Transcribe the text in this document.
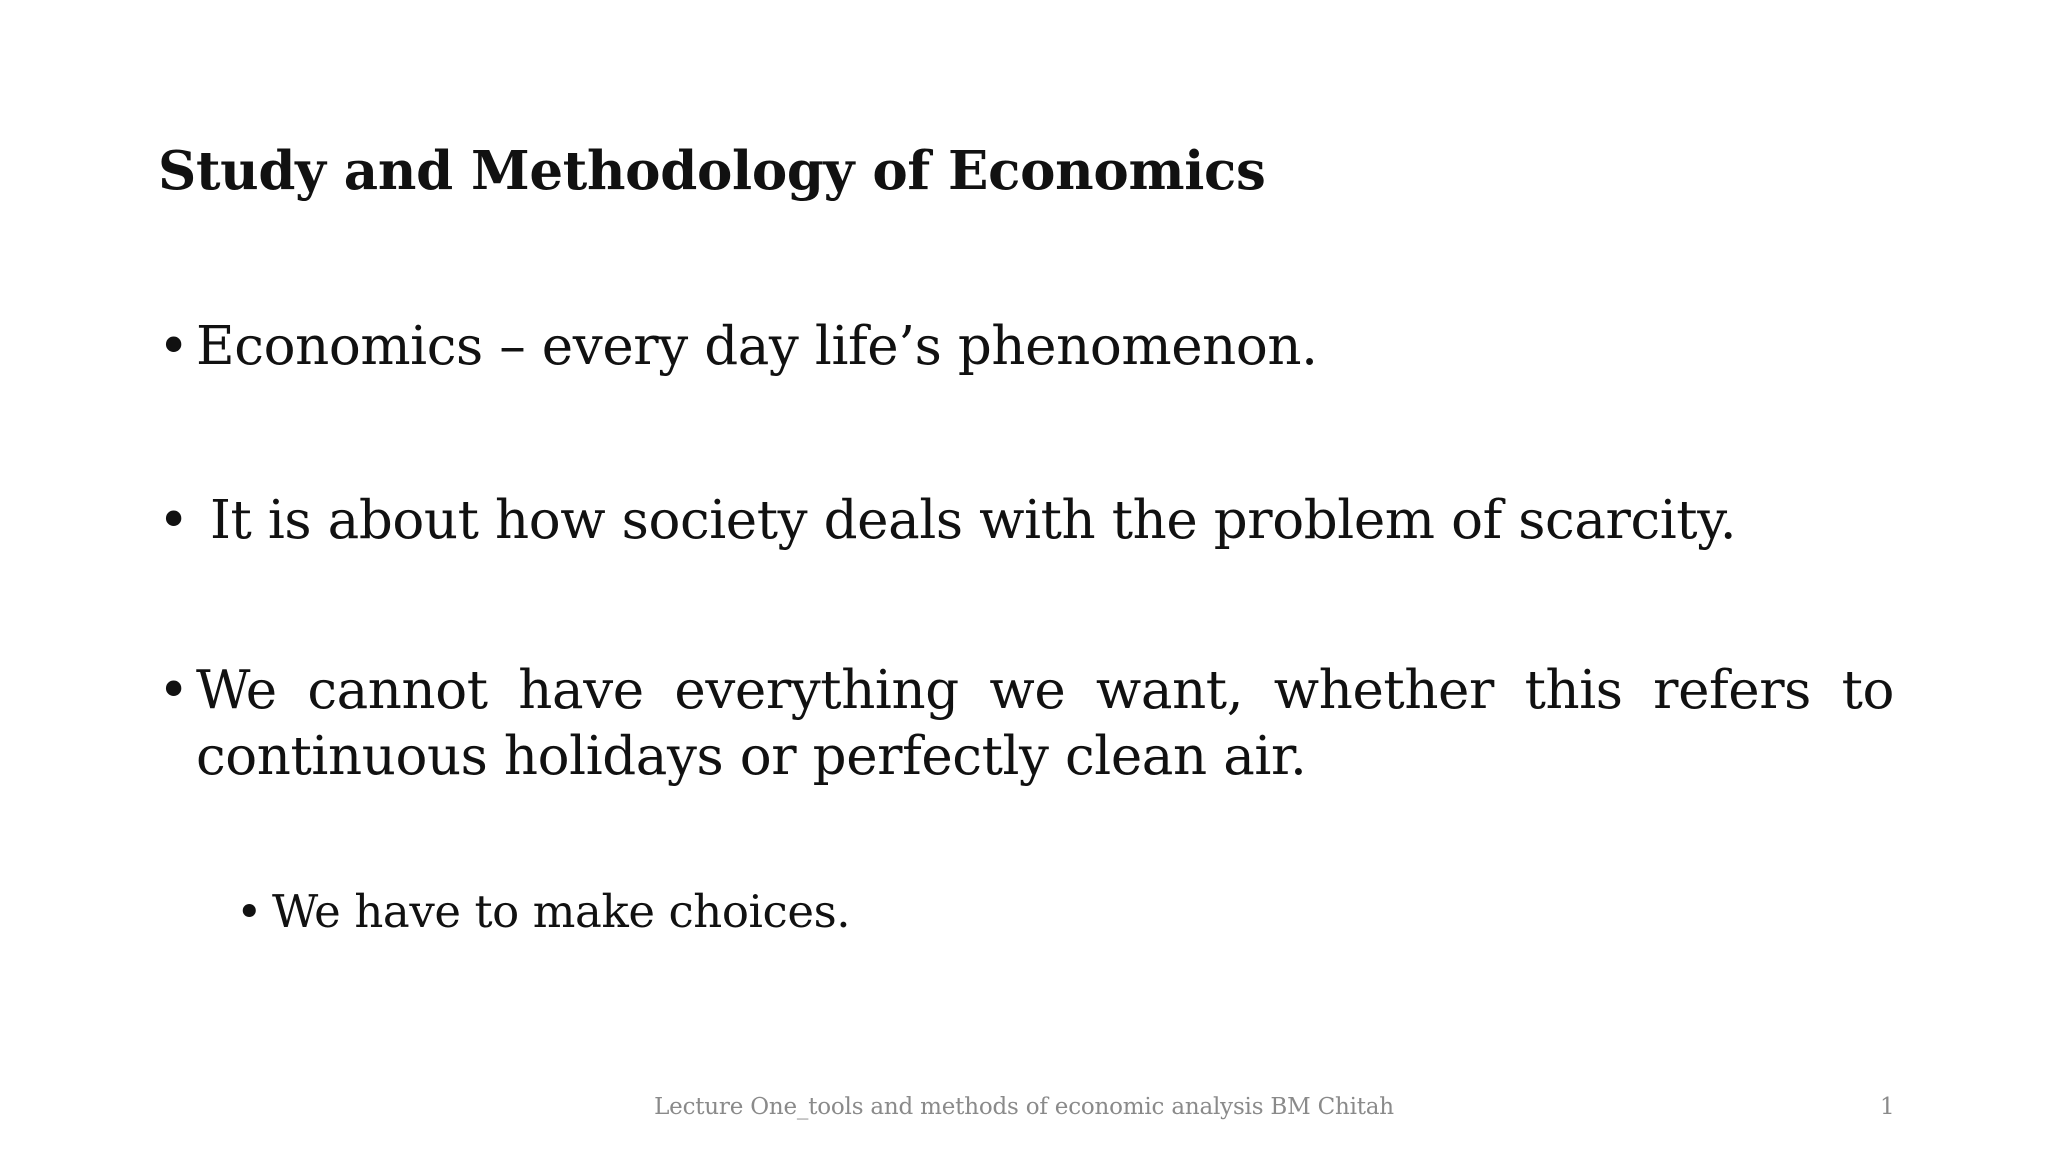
Study and Methodology of Economics
• Economics – every day life’s phenomenon.
• It is about how society deals with the problem of scarcity.
• We cannot have everything we want, whether this refers to continuous holidays or perfectly clean air.
• We have to make choices.
Lecture One_tools and methods of economic analysis BM Chitah	1
